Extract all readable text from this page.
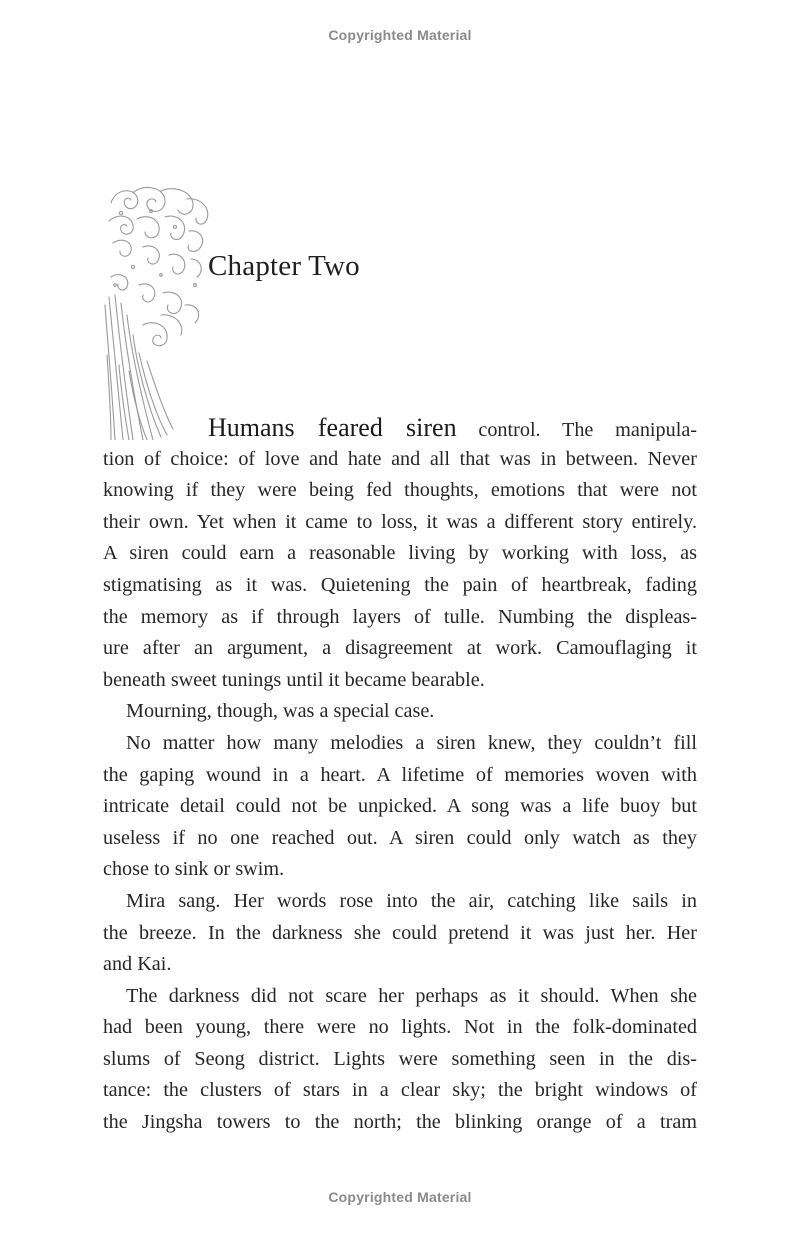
Copyrighted Material
Chapter Two
Humans feared siren control. The manipula-
tion of choice: of love and hate and all that was in between. Never
knowing if they were being fed thoughts, emotions that were not
their own. Yet when it came to loss, it was a different story entirely.
A siren could earn a reasonable living by working with loss, as
stigmatising as it was. Quietening the pain of heartbreak, fading
the memory as if through layers of tulle. Numbing the displeas-
ure after an argument, a disagreement at work. Camouflaging it
beneath sweet tunings until it became bearable.
Mourning, though, was a special case.
No matter how many melodies a siren knew, they couldn’t fill
the gaping wound in a heart. A lifetime of memories woven with
intricate detail could not be unpicked. A song was a life buoy but
useless if no one reached out. A siren could only watch as they
chose to sink or swim.
Mira sang. Her words rose into the air, catching like sails in
the breeze. In the darkness she could pretend it was just her. Her
and Kai.
The darkness did not scare her perhaps as it should. When she
had been young, there were no lights. Not in the folk-dominated
slums of Seong district. Lights were something seen in the dis-
tance: the clusters of stars in a clear sky; the bright windows of
the Jingsha towers to the north; the blinking orange of a tram
Copyrighted Material
